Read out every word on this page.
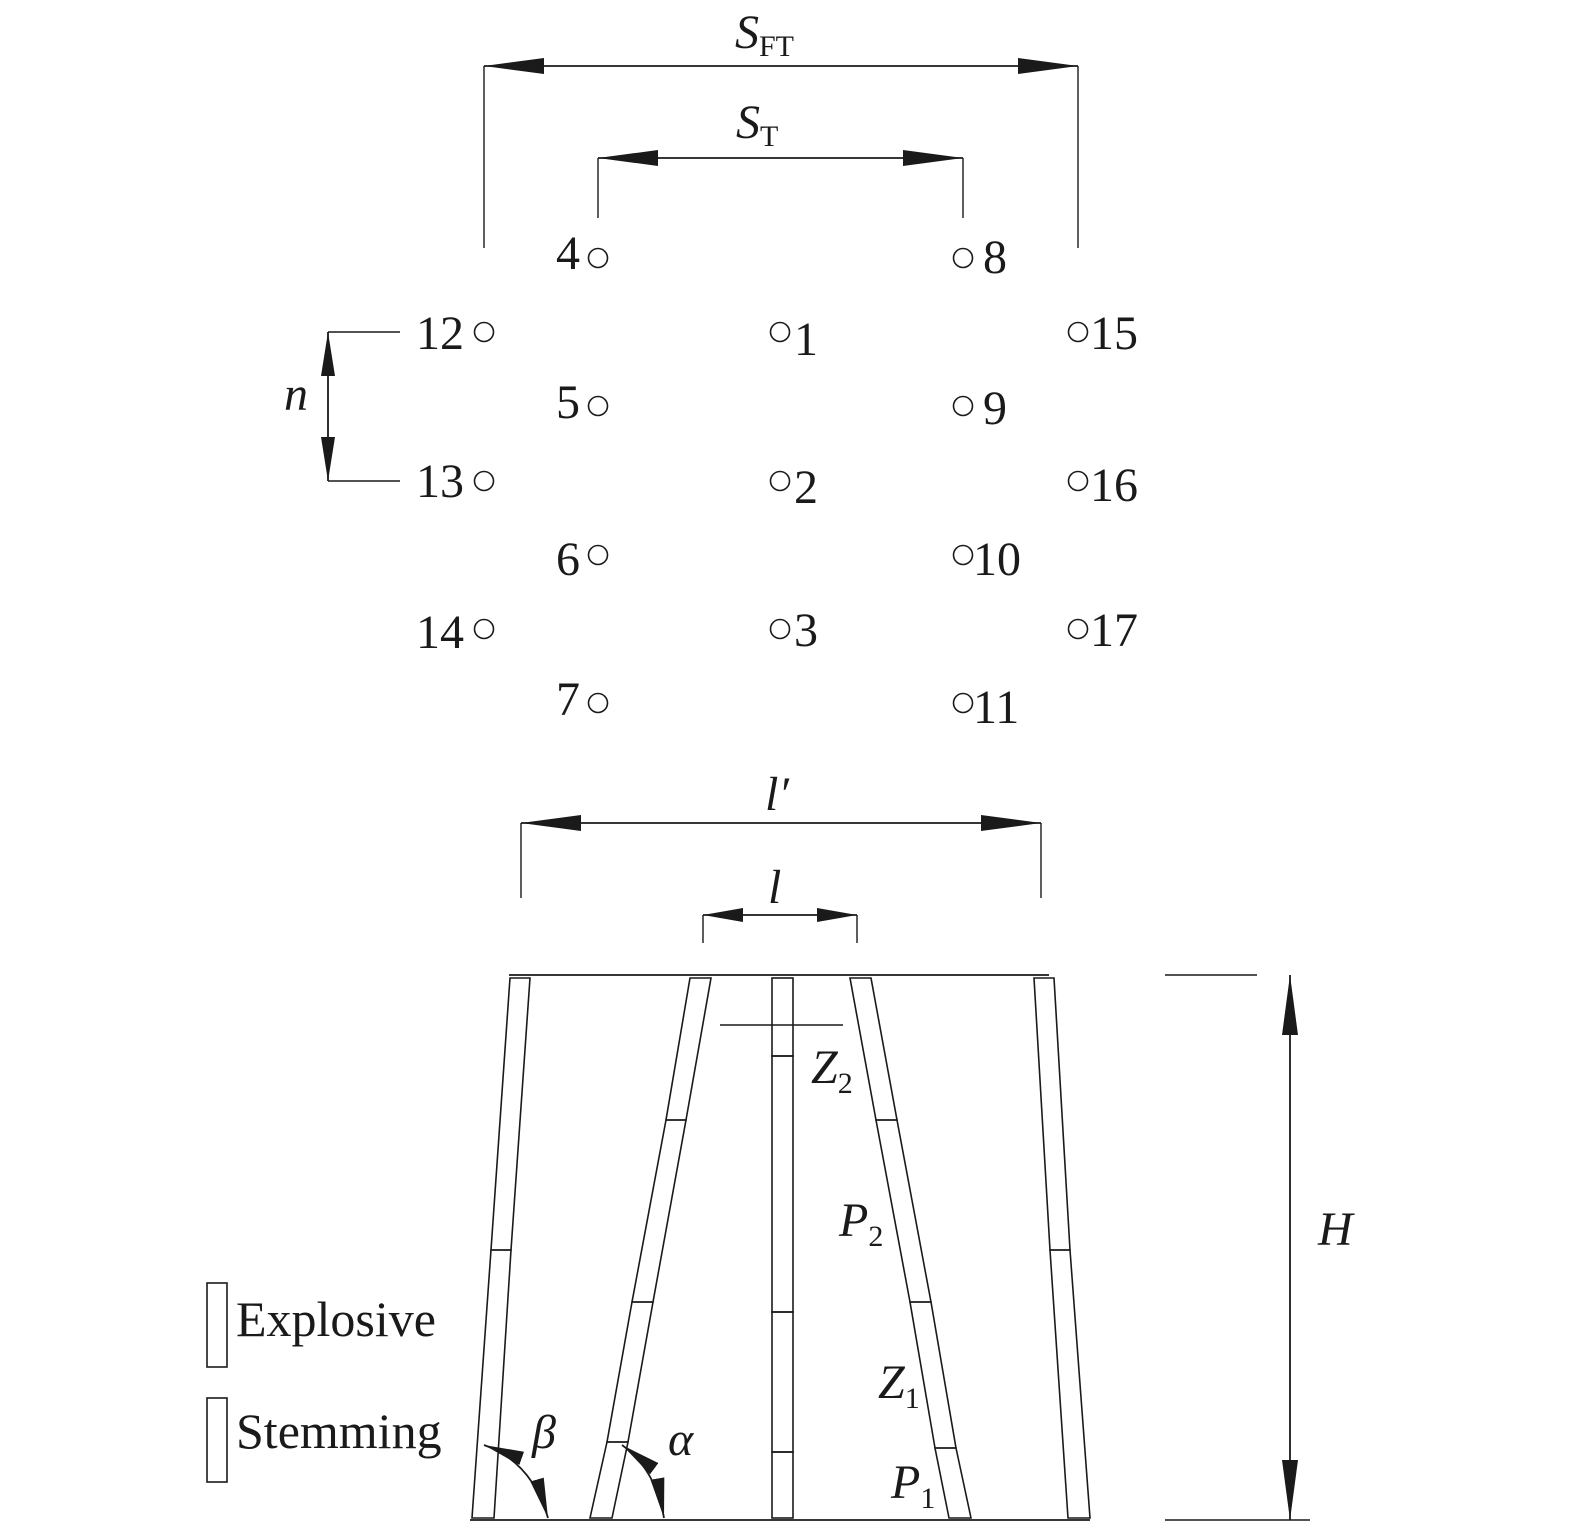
SFT
ST
n
1
2
3
4
5
6
7
8
9
10
11
12
13
14
15
16
17
l′
l
H
$Z_2$
$P_2$
$Z_1$
$P_1$
β α
Explosive
Stemming
